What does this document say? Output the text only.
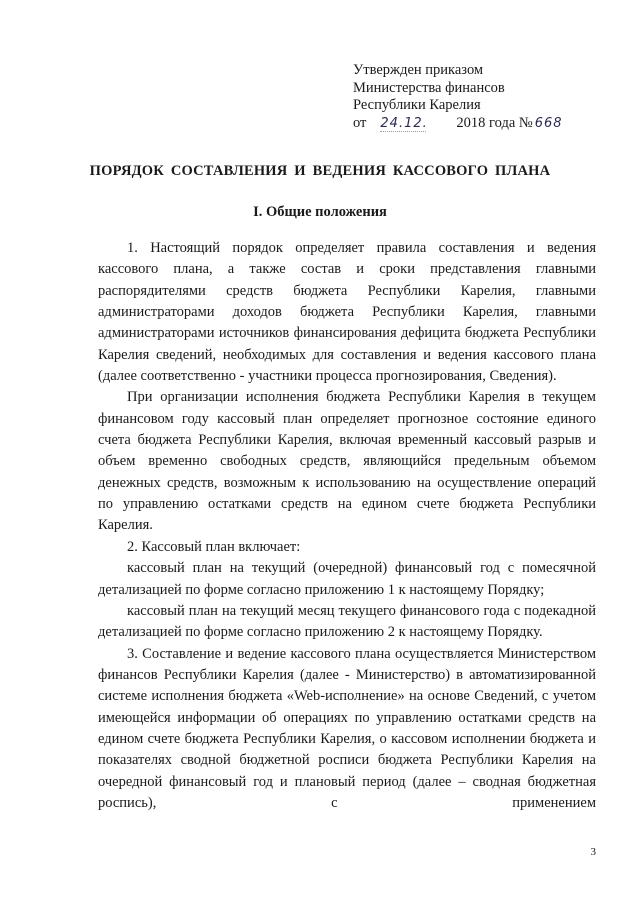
Утвержден приказом
Министерства финансов
Республики Карелия
от 24.12. 2018 года № 668
ПОРЯДОК СОСТАВЛЕНИЯ И ВЕДЕНИЯ КАССОВОГО ПЛАНА
I. Общие положения

1. Настоящий порядок определяет правила составления и ведения кассового плана, а также состав и сроки представления главными распорядителями средств бюджета Республики Карелия, главными администраторами доходов бюджета Республики Карелия, главными администраторами источников финансирования дефицита бюджета Республики Карелия сведений, необходимых для составления и ведения кассового плана (далее соответственно - участники процесса прогнозирования, Сведения).

При организации исполнения бюджета Республики Карелия в текущем финансовом году кассовый план определяет прогнозное состояние единого счета бюджета Республики Карелия, включая временный кассовый разрыв и объем временно свободных средств, являющийся предельным объемом денежных средств, возможным к использованию на осуществление операций по управлению остатками средств на едином счете бюджета Республики Карелия.

2. Кассовый план включает:

кассовый план на текущий (очередной) финансовый год с помесячной детализацией по форме согласно приложению 1 к настоящему Порядку;

кассовый план на текущий месяц текущего финансового года с подекадной детализацией по форме согласно приложению 2 к настоящему Порядку.

3. Составление и ведение кассового плана осуществляется Министерством финансов Республики Карелия (далее - Министерство) в автоматизированной системе исполнения бюджета «Web-исполнение» на основе Сведений, с учетом имеющейся информации об операциях по управлению остатками средств на едином счете бюджета Республики Карелия, о кассовом исполнении бюджета и показателях сводной бюджетной росписи бюджета Республики Карелия на очередной финансовый год и плановый период (далее – сводная бюджетная роспись), с применением

3
